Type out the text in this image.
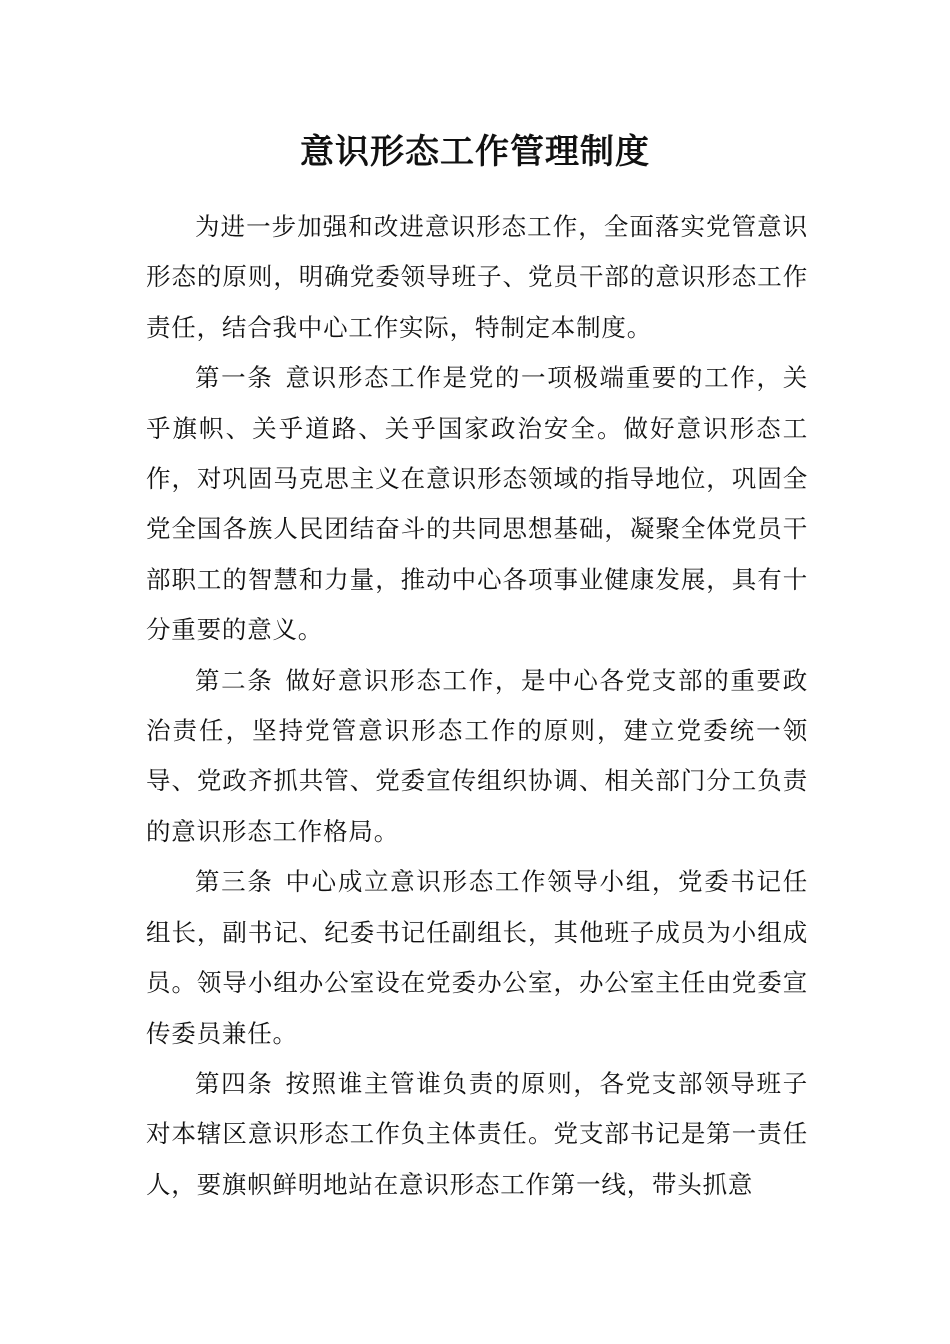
意识形态工作管理制度

为进一步加强和改进意识形态工作，全面落实党管意识形态的原则，明确党委领导班子、党员干部的意识形态工作责任，结合我中心工作实际，特制定本制度。

第一条 意识形态工作是党的一项极端重要的工作，关乎旗帜、关乎道路、关乎国家政治安全。做好意识形态工作，对巩固马克思主义在意识形态领域的指导地位，巩固全党全国各族人民团结奋斗的共同思想基础，凝聚全体党员干部职工的智慧和力量，推动中心各项事业健康发展，具有十分重要的意义。

第二条 做好意识形态工作，是中心各党支部的重要政治责任，坚持党管意识形态工作的原则，建立党委统一领导、党政齐抓共管、党委宣传组织协调、相关部门分工负责的意识形态工作格局。

第三条 中心成立意识形态工作领导小组，党委书记任组长，副书记、纪委书记任副组长，其他班子成员为小组成员。领导小组办公室设在党委办公室，办公室主任由党委宣传委员兼任。

第四条 按照谁主管谁负责的原则，各党支部领导班子对本辖区意识形态工作负主体责任。党支部书记是第一责任人，要旗帜鲜明地站在意识形态工作第一线，带头抓意
